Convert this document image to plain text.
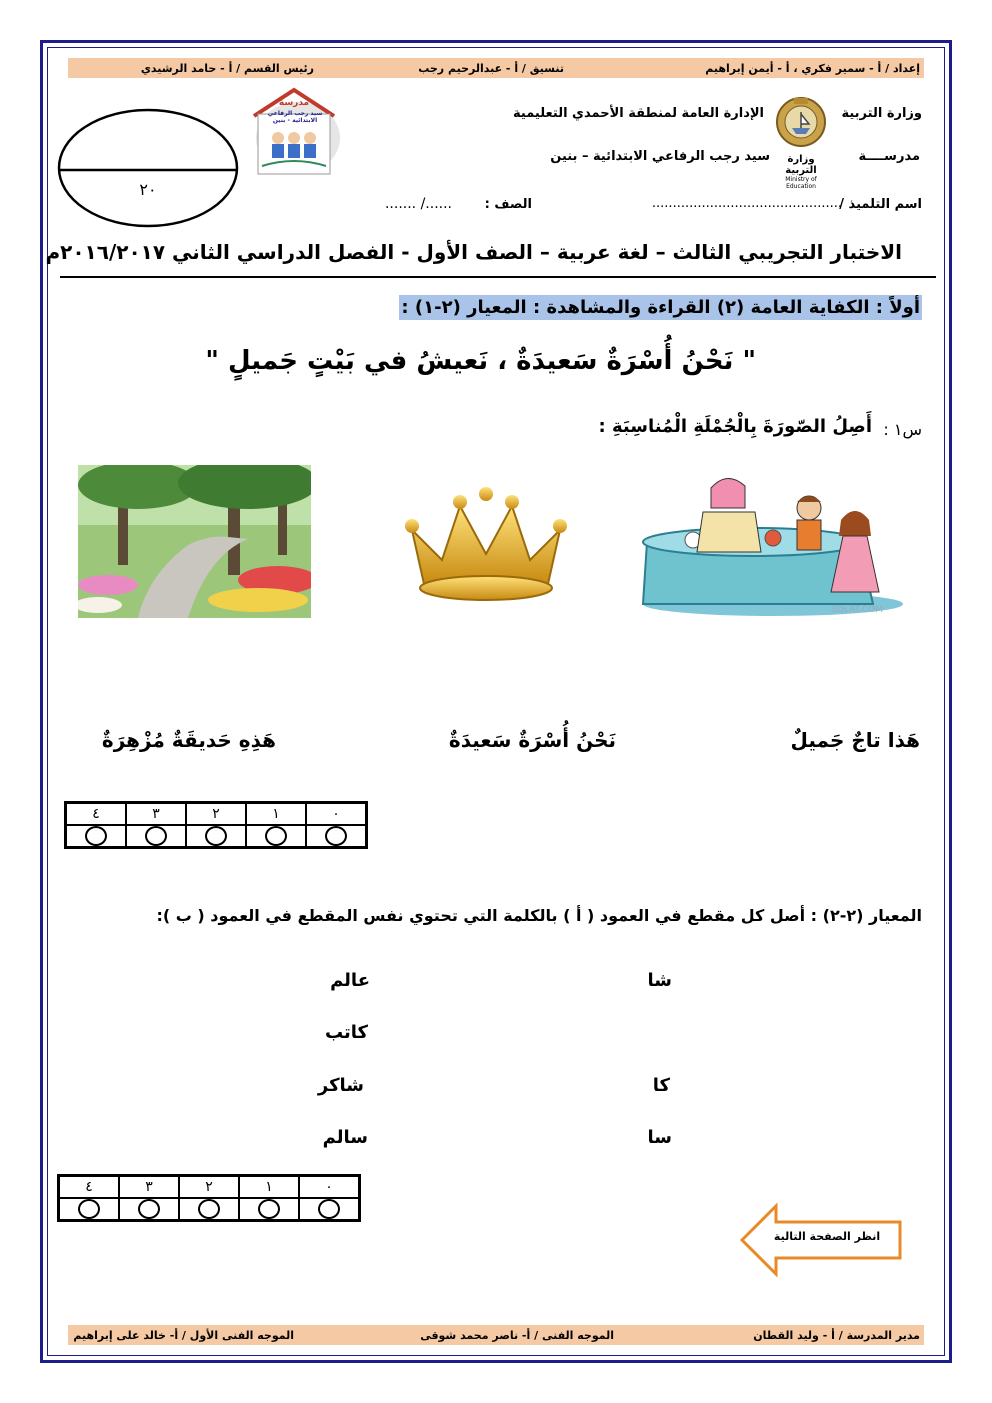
إعداد / أ - سمير فكري ، أ - أيمن إبراهيم
تنسيق / أ - عبدالرحيم رجب
رئيس القسم / أ - حامد الرشيدي
وزارة التربية
الإدارة العامة لمنطقة الأحمدي التعليمية
مدرســــة
سيد رجب الرفاعي الابتدائية – بنين	وزارة التربية
Ministry of Education
مدرسة
سيد رجب الرفاعي الابتدائية - بنين
٢٠
اسم التلميذ /
..............................................
الصف :
....../ .......
الاختبار التجريبي الثالث – لغة عربية – الصف الأول - الفصل الدراسي الثاني ٢٠١٦/٢٠١٧م
أولاً : الكفاية العامة (٢) القراءة والمشاهدة : المعيار (٢-١) :
" نَحْنُ أُسْرَةٌ سَعيدَةٌ ، نَعيشُ في بَيْتٍ جَميلٍ "
س١ :
أَصِلُ الصّورَةَ بِالْجُمْلَةِ الْمُناسِبَةِ :
3DLAT.COM
هَذا تاجٌ جَميلٌ
نَحْنُ أُسْرَةٌ سَعيدَةٌ
هَذِهِ حَديقَةٌ مُزْهِرَةٌ
٤	٣	٢	١	٠

المعيار (٢-٢) : أصل كل مقطع في العمود ( أ ) بالكلمة التي تحتوي نفس المقطع في العمود ( ب ):
شا
كا
سا
عالم
كاتب
شاكر
سالم
٤	٣	٢	١	٠

انظر الصفحة التالية
مدير المدرسة / أ - وليد القطان
الموجه الفنى / أ- ناصر محمد شوقى
الموجه الفنى الأول / أ- خالد على إبراهيم
